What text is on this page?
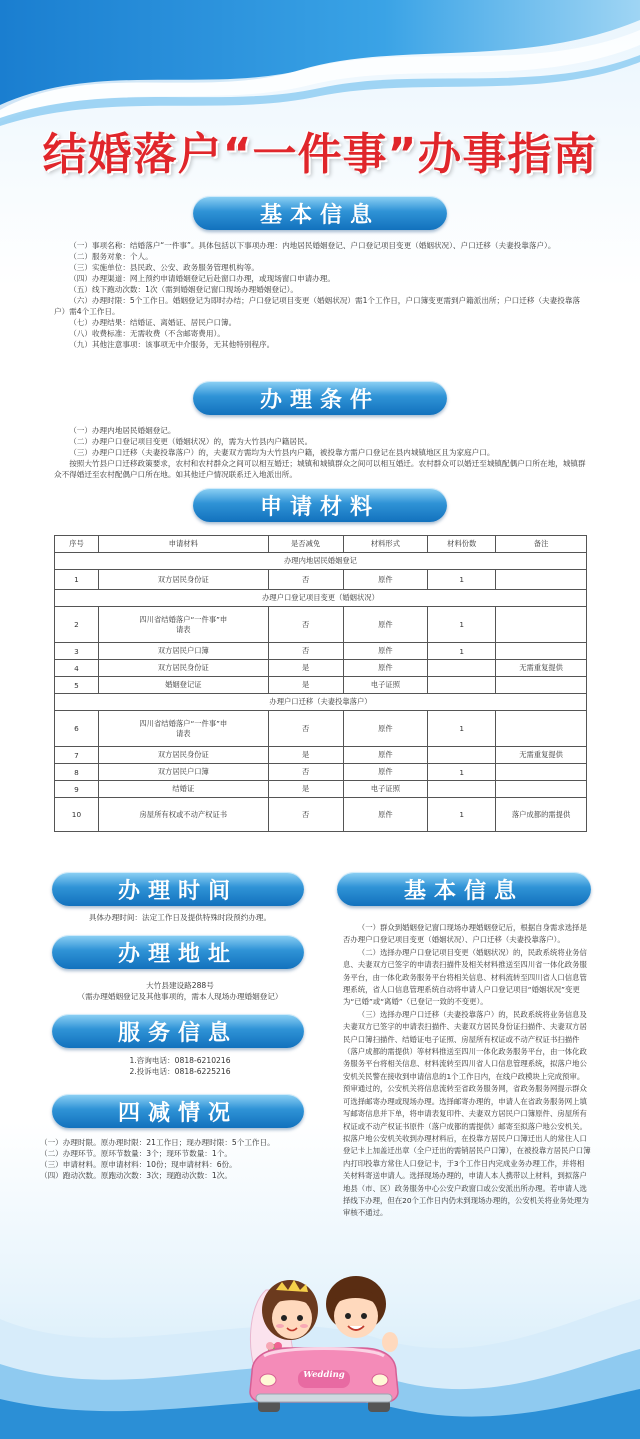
结婚落户“一件事”办事指南
基本信息

（一）事项名称：结婚落户“一件事”。具体包括以下事项办理：内地居民婚姻登记、户口登记项目变更（婚姻状况）、户口迁移（夫妻投靠落户）。

（二）服务对象：个人。

（三）实施单位：县民政、公安、政务服务管理机构等。

（四）办理渠道：网上预约申请婚姻登记后赴窗口办理，或现场窗口申请办理。

（五）线下跑动次数：1次（需到婚姻登记窗口现场办理婚姻登记）。

（六）办理时限：5个工作日。婚姻登记为即时办结；户口登记项目变更（婚姻状况）需1个工作日，户口簿变更需到户籍派出所；户口迁移（夫妻投靠落户）需4个工作日。

（七）办理结果：结婚证、离婚证、居民户口簿。

（八）收费标准：无需收费（不含邮寄费用）。

（九）其他注意事项：该事项无中介服务，无其他特别程序。

办理条件

（一）办理内地居民婚姻登记。

（二）办理户口登记项目变更（婚姻状况）的，需为大竹县内户籍居民。

（三）办理户口迁移（夫妻投靠落户）的，夫妻双方需均为大竹县内户籍，被投靠方需户口登记在县内城镇地区且为家庭户口。

按照大竹县户口迁移政策要求，农村和农村群众之间可以相互婚迁；城镇和城镇群众之间可以相互婚迁。农村群众可以婚迁至城镇配偶户口所在地，城镇群众不得婚迁至农村配偶户口所在地。如其他迁户情况联系迁入地派出所。

申请材料
序号	申请材料	是否减免	材料形式	材料份数	备注
办理内地居民婚姻登记					
1	双方居民身份证	否	原件	1	
办理户口登记项目变更（婚姻状况）					
2	四川省结婚落户“一件事”申请表	否	原件	1	
3	双方居民户口簿	否	原件	1	
4	双方居民身份证	是	原件		无需重复提供
5	婚姻登记证	是	电子证照		
办理户口迁移（夫妻投靠落户）					
6	四川省结婚落户“一件事”申请表	否	原件	1	
7	双方居民身份证	是	原件		无需重复提供
8	双方居民户口簿	否	原件	1	
9	结婚证	是	电子证照		
10	房屋所有权或不动产权证书	否	原件	1	落户成都的需提供
办理时间
具体办理时间：法定工作日及提供特殊时段预约办理。
办理地址
大竹县建设路288号
（需办理婚姻登记及其他事项的，需本人现场办理婚姻登记）
服务信息
1.咨询电话：0818-6210216
2.投诉电话：0818-6225216
四减情况

（一）办理时限。原办理时限：21工作日；现办理时限：5个工作日。

（二）办理环节。原环节数量：3个；现环节数量：1个。

（三）申请材料。原申请材料：10份；现申请材料：6份。

（四）跑动次数。原跑动次数：3次；现跑动次数：1次。

基本信息

（一）群众到婚姻登记窗口现场办理婚姻登记后，根据自身需求选择是否办理户口登记项目变更（婚姻状况）、户口迁移（夫妻投靠落户）。

（二）选择办理户口登记项目变更（婚姻状况）的，民政系统将业务信息、夫妻双方已签字的申请表扫描件及相关材料推送至四川省一体化政务服务平台，由一体化政务服务平台将相关信息、材料流转至四川省人口信息管理系统，省人口信息管理系统自动将申请人户口登记项目“婚姻状况”变更为“已婚”或“离婚”（已登记一致的不变更）。

（三）选择办理户口迁移（夫妻投靠落户）的，民政系统将业务信息及夫妻双方已签字的申请表扫描件、夫妻双方居民身份证扫描件、夫妻双方居民户口簿扫描件、结婚证电子证照、房屋所有权证或不动产权证书扫描件（落户成都的需提供）等材料推送至四川一体化政务服务平台，由一体化政务服务平台将相关信息、材料流转至四川省人口信息管理系统，拟落户地公安机关民警在接收到申请信息的1个工作日内，在线户政模块上完成预审。预审通过的，公安机关将信息流转至省政务服务网，省政务服务网提示群众可选择邮寄办理或现场办理。选择邮寄办理的，申请人在省政务服务网上填写邮寄信息并下单，将申请表复印件、夫妻双方居民户口簿原件、房屋所有权证或不动产权证书原件（落户成都的需提供）邮寄至拟落户地公安机关。拟落户地公安机关收到办理材料后，在投靠方居民户口簿迁出人的常住人口登记卡上加盖迁出章（全户迁出的需销居民户口簿），在被投靠方居民户口簿内打印投靠方常住人口登记卡，于3个工作日内完成业务办理工作，并将相关材料寄送申请人。选择现场办理的，申请人本人携带以上材料，到拟落户地县（市、区）政务服务中心公安户政窗口或公安派出所办理。若申请人选择线下办理，但在20个工作日内仍未到现场办理的，公安机关将业务处理为审核不通过。

Wedding
